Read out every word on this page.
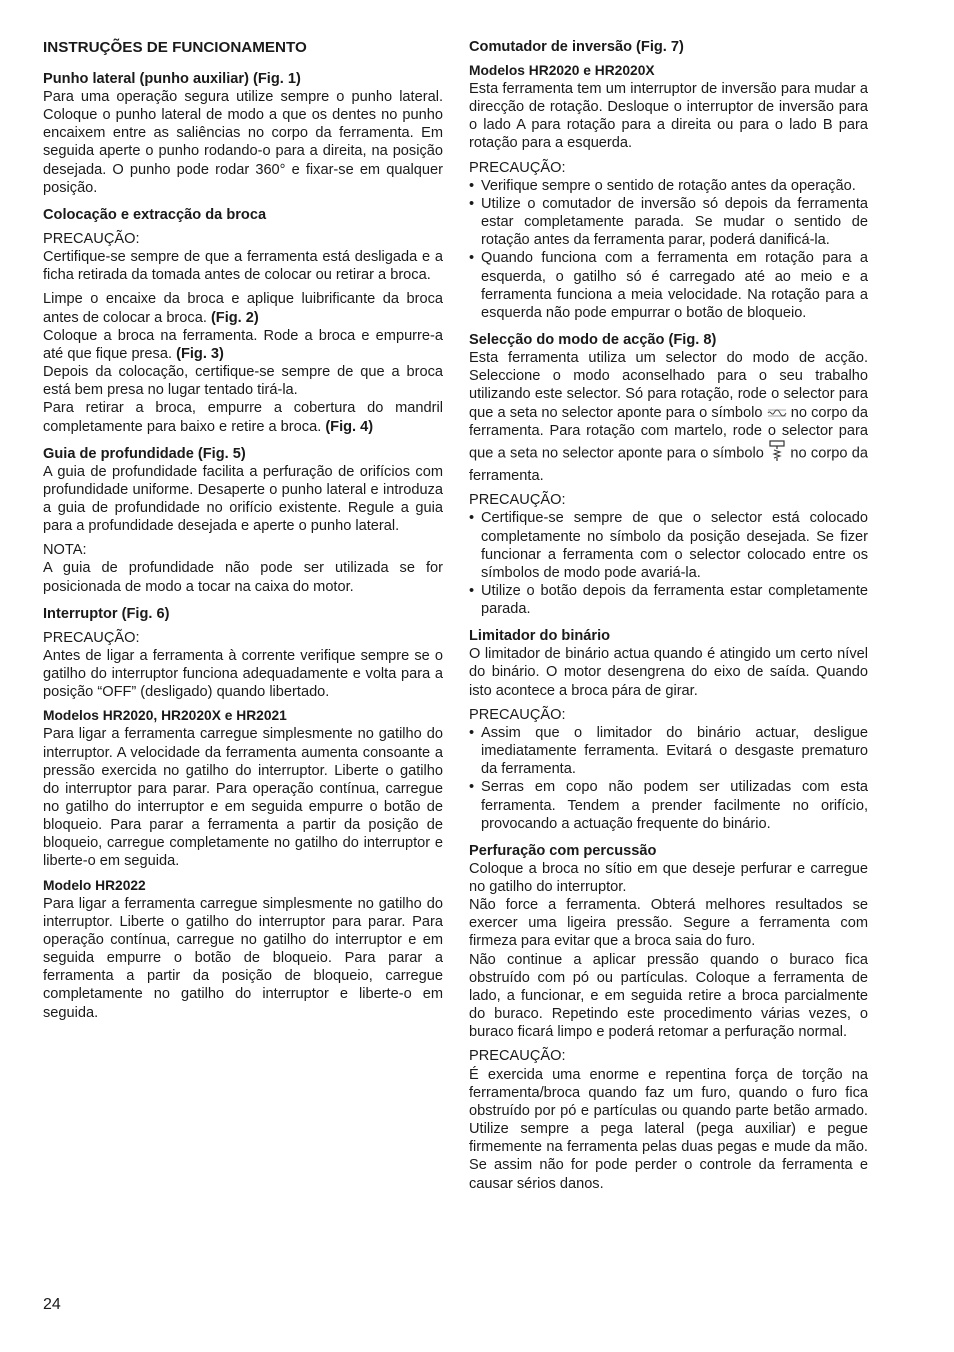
INSTRUÇÕES DE FUNCIONAMENTO
Punho lateral (punho auxiliar) (Fig. 1)

Para uma operação segura utilize sempre o punho lateral. Coloque o punho lateral de modo a que os dentes no punho encaixem entre as saliências no corpo da ferramenta. Em seguida aperte o punho rodando-o para a direita, na posição desejada. O punho pode rodar 360° e fixar-se em qualquer posição.

Colocação e extracção da broca

PRECAUÇÃO:

Certifique-se sempre de que a ferramenta está desligada e a ficha retirada da tomada antes de colocar ou retirar a broca.

Limpe o encaixe da broca e aplique luibrificante da broca antes de colocar a broca. (Fig. 2)

Coloque a broca na ferramenta. Rode a broca e empurre-a até que fique presa. (Fig. 3)

Depois da colocação, certifique-se sempre de que a broca está bem presa no lugar tentado tirá-la.

Para retirar a broca, empurre a cobertura do mandril completamente para baixo e retire a broca. (Fig. 4)

Guia de profundidade (Fig. 5)

A guia de profundidade facilita a perfuração de orifícios com profundidade uniforme. Desaperte o punho lateral e introduza a guia de profundidade no orifício existente. Regule a guia para a profundidade desejada e aperte o punho lateral.

NOTA:

A guia de profundidade não pode ser utilizada se for posicionada de modo a tocar na caixa do motor.

Interruptor (Fig. 6)

PRECAUÇÃO:

Antes de ligar a ferramenta à corrente verifique sempre se o gatilho do interruptor funciona adequadamente e volta para a posição “OFF” (desligado) quando libertado.

Modelos HR2020, HR2020X e HR2021

Para ligar a ferramenta carregue simplesmente no gatilho do interruptor. A velocidade da ferramenta aumenta consoante a pressão exercida no gatilho do interruptor. Liberte o gatilho do interruptor para parar. Para operação contínua, carregue no gatilho do interruptor e em seguida empurre o botão de bloqueio. Para parar a ferramenta a partir da posição de bloqueio, carregue completamente no gatilho do interruptor e liberte-o em seguida.

Modelo HR2022

Para ligar a ferramenta carregue simplesmente no gatilho do interruptor. Liberte o gatilho do interruptor para parar. Para operação contínua, carregue no gatilho do interruptor e em seguida empurre o botão de bloqueio. Para parar a ferramenta a partir da posição de bloqueio, carregue completamente no gatilho do interruptor e liberte-o em seguida.

Comutador de inversão (Fig. 7)
Modelos HR2020 e HR2020X

Esta ferramenta tem um interruptor de inversão para mudar a direcção de rotação. Desloque o interruptor de inversão para o lado A para rotação para a direita ou para o lado B para rotação para a esquerda.

PRECAUÇÃO:

• Verifique sempre o sentido de rotação antes da operação.
• Utilize o comutador de inversão só depois da ferramenta estar completamente parada. Se mudar o sentido de rotação antes da ferramenta parar, poderá danificá-la.
• Quando funciona com a ferramenta em rotação para a esquerda, o gatilho só é carregado até ao meio e a ferramenta funciona a meia velocidade. Na rotação para a esquerda não pode empurrar o botão de bloqueio.
Selecção do modo de acção (Fig. 8)

Esta ferramenta utiliza um selector do modo de acção. Seleccione o modo aconselhado para o seu trabalho utilizando este selector. Só para rotação, rode o selector para que a seta no selector aponte para o símbolo no corpo da ferramenta. Para rotação com martelo, rode o selector para que a seta no selector aponte para o símbolo no corpo da ferramenta.

PRECAUÇÃO:

• Certifique-se sempre de que o selector está colocado completamente no símbolo da posição desejada. Se fizer funcionar a ferramenta com o selector colocado entre os símbolos de modo pode avariá-la.
• Utilize o botão depois da ferramenta estar completamente parada.
Limitador do binário

O limitador de binário actua quando é atingido um certo nível do binário. O motor desengrena do eixo de saída. Quando isto acontece a broca pára de girar.

PRECAUÇÃO:

• Assim que o limitador do binário actuar, desligue imediatamente ferramenta. Evitará o desgaste prematuro da ferramenta.
• Serras em copo não podem ser utilizadas com esta ferramenta. Tendem a prender facilmente no orifício, provocando a actuação frequente do binário.
Perfuração com percussão

Coloque a broca no sítio em que deseje perfurar e carregue no gatilho do interruptor.

Não force a ferramenta. Obterá melhores resultados se exercer uma ligeira pressão. Segure a ferramenta com firmeza para evitar que a broca saia do furo.

Não continue a aplicar pressão quando o buraco fica obstruído com pó ou partículas. Coloque a ferramenta de lado, a funcionar, e em seguida retire a broca parcialmente do buraco. Repetindo este procedimento várias vezes, o buraco ficará limpo e poderá retomar a perfuração normal.

PRECAUÇÃO:

É exercida uma enorme e repentina força de torção na ferramenta/broca quando faz um furo, quando o furo fica obstruído por pó e partículas ou quando parte betão armado. Utilize sempre a pega lateral (pega auxiliar) e pegue firmemente na ferramenta pelas duas pegas e mude da mão. Se assim não for pode perder o controle da ferramenta e causar sérios danos.

24
